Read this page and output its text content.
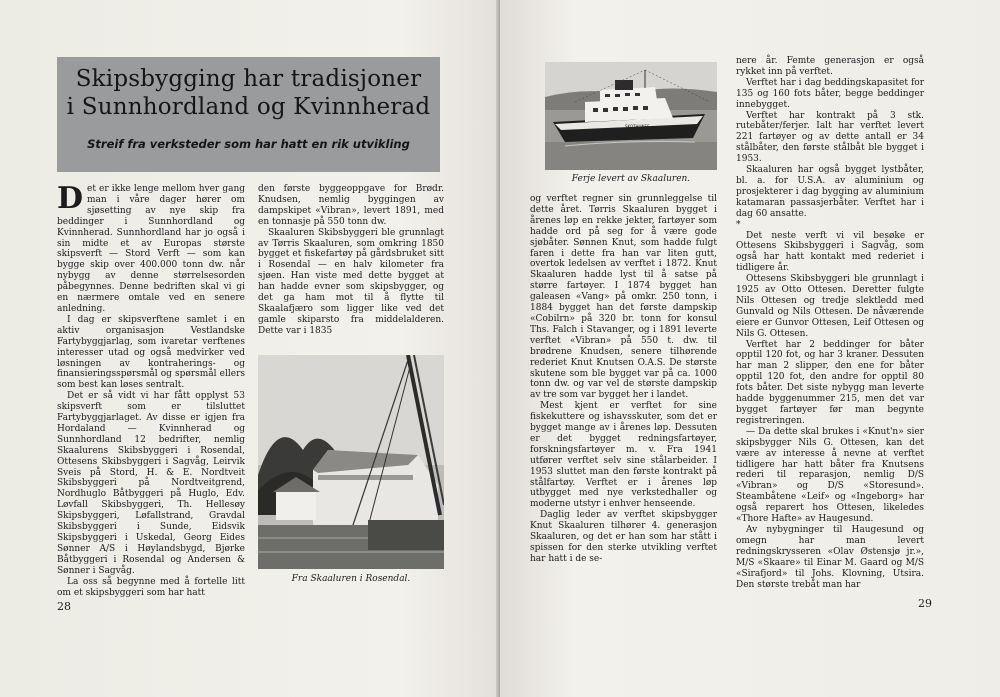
Skipsbygging har tradisjoner
i Sunnhordland og Kvinnherad
Streif fra verksteder som har hatt en rik utvikling

Det er ikke lenge mellom hver gang man i våre dager hører om sjøsetting av nye skip fra beddinger i Sunnhordland og Kvinnherad. Sunnhordland har jo også i sin midte et av Europas største skipsverft — Stord Verft — som kan bygge skip over 400.000 tonn dw. når nybygg av denne størrelsesorden påbegynnes. Denne bedriften skal vi gi en nærmere omtale ved en senere anledning.

I dag er skipsverftene samlet i en aktiv organisasjon Vestlandske Fartybyggjarlag, som ivaretar verftenes interesser utad og også medvirker ved løsningen av kontraherings- og finansieringsspørsmål og spørsmål ellers som best kan løses sentralt.

Det er så vidt vi har fått opplyst 53 skipsverft som er tilsluttet Fartybyggjarlaget. Av disse er igjen fra Hordaland — Kvinnherad og Sunnhordland 12 bedrifter, nemlig Skaalurens Skibsbyggeri i Rosendal, Ottesens Skibsbyggeri i Sagvåg, Leirvik Sveis på Stord, H. & E. Nordtveit Skibsbyggeri på Nordtveitgrend, Nordhuglo Båtbyggeri på Huglo, Edv. Løvfall Skibsbyggeri, Th. Hellesøy Skipsbyggeri, Løfallstrand, Gravdal Skibsbyggeri i Sunde, Eidsvik Skipsbyggeri i Uskedal, Georg Eides Sønner A/S i Høylandsbygd, Bjørke Båtbyggeri i Rosendal og Andersen & Sønner i Sagvåg.

La oss så begynne med å fortelle litt om et skipsbyggeri som har hatt

den første byggeoppgave for Brødr. Knudsen, nemlig byggingen av dampskipet «Vibran», levert 1891, med en tonnasje på 550 tonn dw.

Skaaluren Skibsbyggeri ble grunnlagt av Tørris Skaaluren, som omkring 1850 bygget et fiskefartøy på gårdsbruket sitt i Rosendal — en halv kilometer fra sjøen. Han viste med dette bygget at han hadde evner som skipsbygger, og det ga ham mot til å flytte til Skaalafjæro som ligger like ved det gamle skiparsto fra middelalderen. Dette var i 1835

Fra Skaaluren i Rosendal.
28
SKOTHUNES
Ferje levert av Skaaluren.

og verftet regner sin grunnleggelse til dette året. Tørris Skaaluren bygget i årenes løp en rekke jekter, fartøyer som hadde ord på seg for å være gode sjøbåter. Sønnen Knut, som hadde fulgt faren i dette fra han var liten gutt, overtok ledelsen av verftet i 1872. Knut Skaaluren hadde lyst til å satse på større fartøyer. I 1874 bygget han galeasen «Vang» på omkr. 250 tonn, i 1884 bygget han det første dampskip «Cobilrn» på 320 br. tonn for konsul Ths. Falch i Stavanger, og i 1891 leverte verftet «Vibran» på 550 t. dw. til brødrene Knudsen, senere tilhørende rederiet Knut Knutsen O.A.S. De største skutene som ble bygget var på ca. 1000 tonn dw. og var vel de største dampskip av tre som var bygget her i landet.

Mest kjent er verftet for sine fiskekuttere og ishavsskuter, som det er bygget mange av i årenes løp. Dessuten er det bygget redningsfartøyer, forskningsfartøyer m. v. Fra 1941 utfører verftet selv sine stålarbeider. I 1953 sluttet man den første kontrakt på stålfartøy. Verftet er i årenes løp utbygget med nye verkstedhaller og moderne utstyr i enhver henseende.

Daglig leder av verftet skipsbygger Knut Skaaluren tilhører 4. generasjon Skaaluren, og det er han som har stått i spissen for den sterke utvikling verftet har hatt i de se-

nere år. Femte generasjon er også rykket inn på verftet.

Verftet har i dag beddingskapasitet for 135 og 160 fots båter, begge beddinger innebygget.

Verftet har kontrakt på 3 stk. rutebåter/ferjer. Ialt har verftet levert 221 fartøyer og av dette antall er 34 stålbåter, den første stålbåt ble bygget i 1953.

Skaaluren har også bygget lystbåter, bl. a. for U.S.A. av aluminium og prosjekterer i dag bygging av aluminium katamaran passasjerbåter. Verftet har i dag 60 ansatte.

*

Det neste verft vi vil besøke er Ottesens Skibsbyggeri i Sagvåg, som også har hatt kontakt med rederiet i tidligere år.

Ottesens Skibsbyggeri ble grunnlagt i 1925 av Otto Ottesen. Deretter fulgte Nils Ottesen og tredje slektledd med Gunvald og Nils Ottesen. De nåværende eiere er Gunvor Ottesen, Leif Ottesen og Nils G. Ottesen.

Verftet har 2 beddinger for båter opptil 120 fot, og har 3 kraner. Dessuten har man 2 slipper, den ene for båter opptil 120 fot, den andre for opptil 80 fots båter. Det siste nybygg man leverte hadde byggenummer 215, men det var bygget fartøyer før man begynte registreringen.

— Da dette skal brukes i «Knut'n» sier skipsbygger Nils G. Ottesen, kan det være av interesse å nevne at verftet tidligere har hatt båter fra Knutsens rederi til reparasjon, nemlig D/S «Vibran» og D/S «Storesund». Steambåtene «Leif» og «Ingeborg» har også reparert hos Ottesen, likeledes «Thore Hafte» av Haugesund.

Av nybygninger til Haugesund og omegn har man levert redningskrysseren «Olav Østensjø jr.», M/S «Skaare» til Einar M. Gaard og M/S «Sirafjord» til Johs. Klovning, Utsira. Den største trebåt man har

29
